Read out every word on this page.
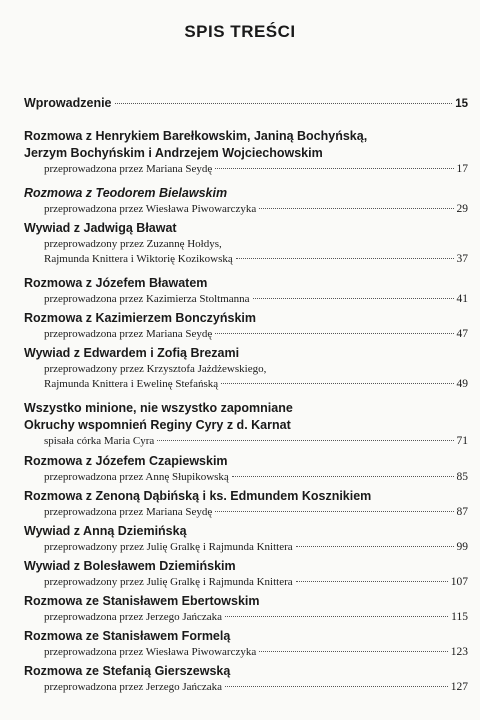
SPIS TREŚCI
Wprowadzenie	15
Rozmowa z Henrykiem Barełkowskim, Janiną Bochyńską,
Jerzym Bochyńskim i Andrzejem Wojciechowskim
przeprowadzona przez Mariana Seydę	17
Rozmowa z Teodorem Bielawskim
przeprowadzona przez Wiesława Piwowarczyka	29
Wywiad z Jadwigą Bławat
przeprowadzony przez Zuzannę Hołdys,
Rajmunda Knittera i Wiktorię Kozikowską	37
Rozmowa z Józefem Bławatem
przeprowadzona przez Kazimierza Stoltmanna	41
Rozmowa z Kazimierzem Bonczyńskim
przeprowadzona przez Mariana Seydę	47
Wywiad z Edwardem i Zofią Brezami
przeprowadzony przez Krzysztofa Jażdżewskiego,
Rajmunda Knittera i Ewelinę Stefańską	49
Wszystko minione, nie wszystko zapomniane
Okruchy wspomnień Reginy Cyry z d. Karnat
spisała córka Maria Cyra	71
Rozmowa z Józefem Czapiewskim
przeprowadzona przez Annę Słupikowską	85
Rozmowa z Zenoną Dąbińską i ks. Edmundem Kosznikiem
przeprowadzona przez Mariana Seydę	87
Wywiad z Anną Dziemińską
przeprowadzony przez Julię Gralkę i Rajmunda Knittera	99
Wywiad z Bolesławem Dziemińskim
przeprowadzony przez Julię Gralkę i Rajmunda Knittera	107
Rozmowa ze Stanisławem Ebertowskim
przeprowadzona przez Jerzego Jańczaka	115
Rozmowa ze Stanisławem Formelą
przeprowadzona przez Wiesława Piwowarczyka	123
Rozmowa ze Stefanią Gierszewską
przeprowadzona przez Jerzego Jańczaka	127
